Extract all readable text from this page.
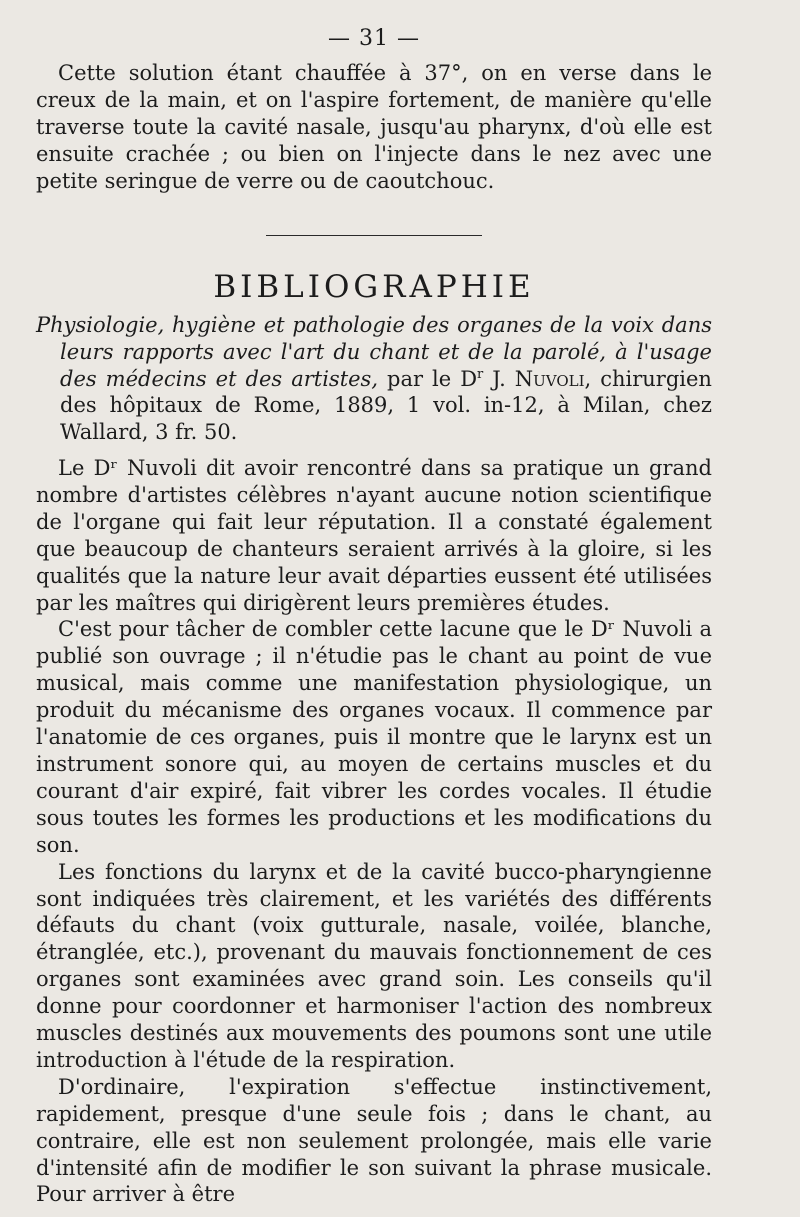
— 31 —

Cette solution étant chauffée à 37°, on en verse dans le creux de la main, et on l'aspire fortement, de manière qu'elle traverse toute la cavité nasale, jusqu'au pharynx, d'où elle est ensuite crachée ; ou bien on l'injecte dans le nez avec une petite seringue de verre ou de caoutchouc.

BIBLIOGRAPHIE

Physiologie, hygiène et pathologie des organes de la voix dans leurs rapports avec l'art du chant et de la parolé, à l'usage des médecins et des artistes, par le $D^r$ J. Nuvoli, chirurgien des hôpitaux de Rome, 1889, 1 vol. in-12, à Milan, chez Wallard, 3 fr. 50.

Le Dʳ Nuvoli dit avoir rencontré dans sa pratique un grand nombre d'artistes célèbres n'ayant aucune notion scientifique de l'organe qui fait leur réputation. Il a constaté également que beaucoup de chanteurs seraient arrivés à la gloire, si les qualités que la nature leur avait départies eussent été utilisées par les maîtres qui dirigèrent leurs premières études.

C'est pour tâcher de combler cette lacune que le Dʳ Nuvoli a publié son ouvrage ; il n'étudie pas le chant au point de vue musical, mais comme une manifestation physiologique, un produit du mécanisme des organes vocaux. Il commence par l'anatomie de ces organes, puis il montre que le larynx est un instrument sonore qui, au moyen de certains muscles et du courant d'air expiré, fait vibrer les cordes vocales. Il étudie sous toutes les formes les productions et les modifications du son.

Les fonctions du larynx et de la cavité bucco-pharyngienne sont indiquées très clairement, et les variétés des différents défauts du chant (voix gutturale, nasale, voilée, blanche, étranglée, etc.), provenant du mauvais fonctionnement de ces organes sont examinées avec grand soin. Les conseils qu'il donne pour coordonner et harmoniser l'action des nombreux muscles destinés aux mouvements des poumons sont une utile introduction à l'étude de la respiration.

D'ordinaire, l'expiration s'effectue instinctivement, rapidement, presque d'une seule fois ; dans le chant, au contraire, elle est non seulement prolongée, mais elle varie d'intensité afin de modifier le son suivant la phrase musicale. Pour arriver à être
